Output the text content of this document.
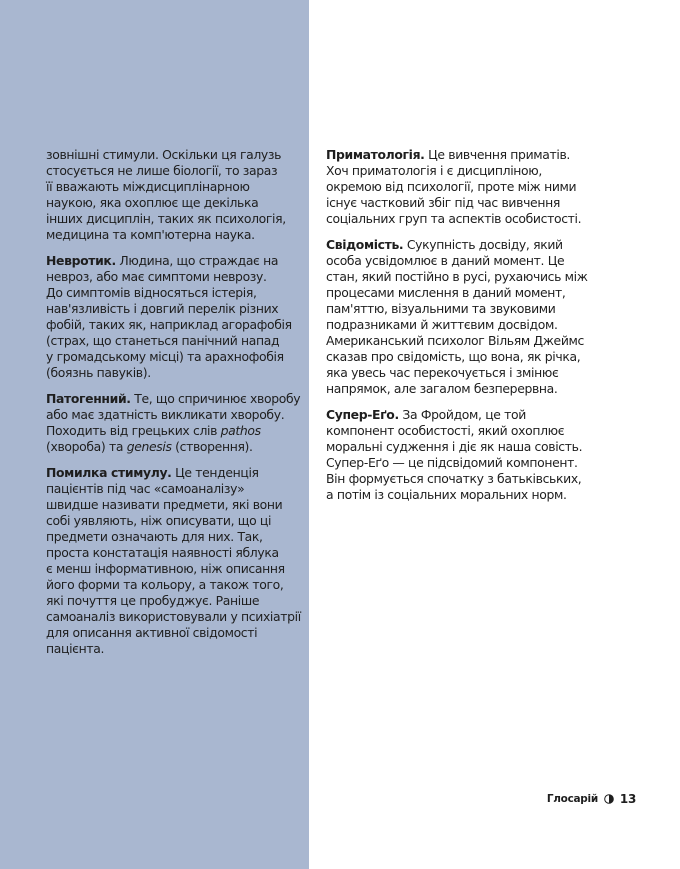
зовнішні стимули. Оскільки ця галузь
стосується не лише біології, то зараз
її вважають міждисциплінарною
наукою, яка охоплює ще декілька
інших дисциплін, таких як психологія,
медицина та комп'ютерна наука.
Невротик. Людина, що страждає на
невроз, або має симптоми неврозу.
До симптомів відносяться істерія,
нав'язливість і довгий перелік різних
фобій, таких як, наприклад агорафобія
(страх, що станеться панічний напад
у громадському місці) та арахнофобія
(боязнь павуків).
Патогенний. Те, що спричинює хворобу
або має здатність викликати хворобу.
Походить від грецьких слів pathos
(хвороба) та genesis (створення).
Помилка стимулу. Це тенденція
пацієнтів під час «самоаналізу»
швидше називати предмети, які вони
собі уявляють, ніж описувати, що ці
предмети означають для них. Так,
проста констатація наявності яблука
є менш інформативною, ніж описання
його форми та кольору, а також того,
які почуття це пробуджує. Раніше
самоаналіз використовували у психіатрії
для описання активної свідомості
пацієнта.
Приматологія. Це вивчення приматів.
Хоч приматологія і є дисципліною,
окремою від психології, проте між ними
існує частковий збіг під час вивчення
соціальних груп та аспектів особистості.
Свідомість. Сукупність досвіду, який
особа усвідомлює в даний момент. Це
стан, який постійно в русі, рухаючись між
процесами мислення в даний момент,
пам'яттю, візуальними та звуковими
подразниками й життєвим досвідом.
Американський психолог Вільям Джеймс
сказав про свідомість, що вона, як річка,
яка увесь час перекочується і змінює
напрямок, але загалом безперервна.
Супер-Еґо. За Фройдом, це той
компонент особистості, який охоплює
моральні судження і діє як наша совість.
Супер-Еґо — це підсвідомий компонент.
Він формується спочатку з батьківських,
а потім із соціальних моральних норм.
Глосарій 13
